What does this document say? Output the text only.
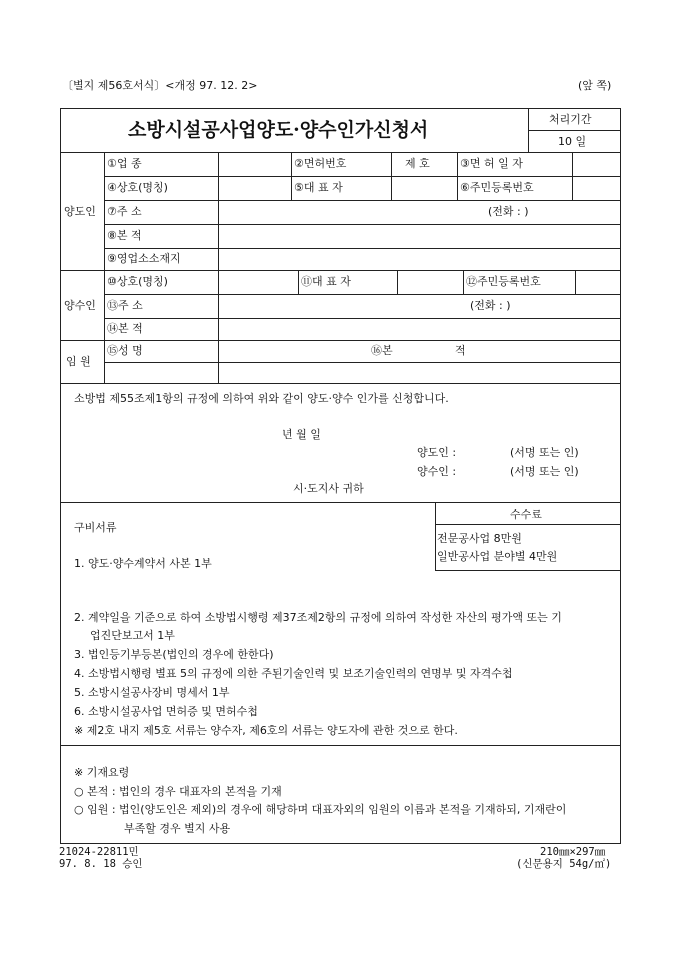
〔별지 제56호서식〕<개정 97. 12. 2>	(앞 쪽)
소방시설공사업양도·양수인가신청서	처리기간
10 일
양도인
①업 종	②면허번호	제 호	③면 허 일 자
④상호(명칭)	⑤대 표 자	⑥주민등록번호
⑦주 소	(전화 : )
⑧본 적
⑨영업소소재지
양수인
⑩상호(명칭)	⑪대 표 자	⑫주민등록번호
⑬주 소	(전화 : )
⑭본 적
임 원
⑮성 명	⑯본	적
소방법 제55조제1항의 규정에 의하여 위와 같이 양도·양수 인가를 신청합니다.
년 월 일
양도인 :	(서명 또는 인)
양수인 :	(서명 또는 인)
시·도지사 귀하
수수료
전문공사업 8만원
일반공사업 분야별 4만원
구비서류
1. 양도·양수계약서 사본 1부
2. 계약일을 기준으로 하여 소방법시행령 제37조제2항의 규정에 의하여 작성한 자산의 평가액 또는 기
업진단보고서 1부
3. 법인등기부등본(법인의 경우에 한한다)
4. 소방법시행령 별표 5의 규정에 의한 주된기술인력 및 보조기술인력의 연명부 및 자격수첩
5. 소방시설공사장비 명세서 1부
6. 소방시설공사업 면허증 및 면허수첩
※ 제2호 내지 제5호 서류는 양수자, 제6호의 서류는 양도자에 관한 것으로 한다.
※ 기재요령
○ 본적 : 법인의 경우 대표자의 본적을 기재
○ 임원 : 법인(양도인은 제외)의 경우에 해당하며 대표자외의 임원의 이름과 본적을 기재하되, 기재란이
부족할 경우 별지 사용
21024-22811민
97. 8. 18 승인
210㎜×297㎜
(신문용지 54g/㎡)
